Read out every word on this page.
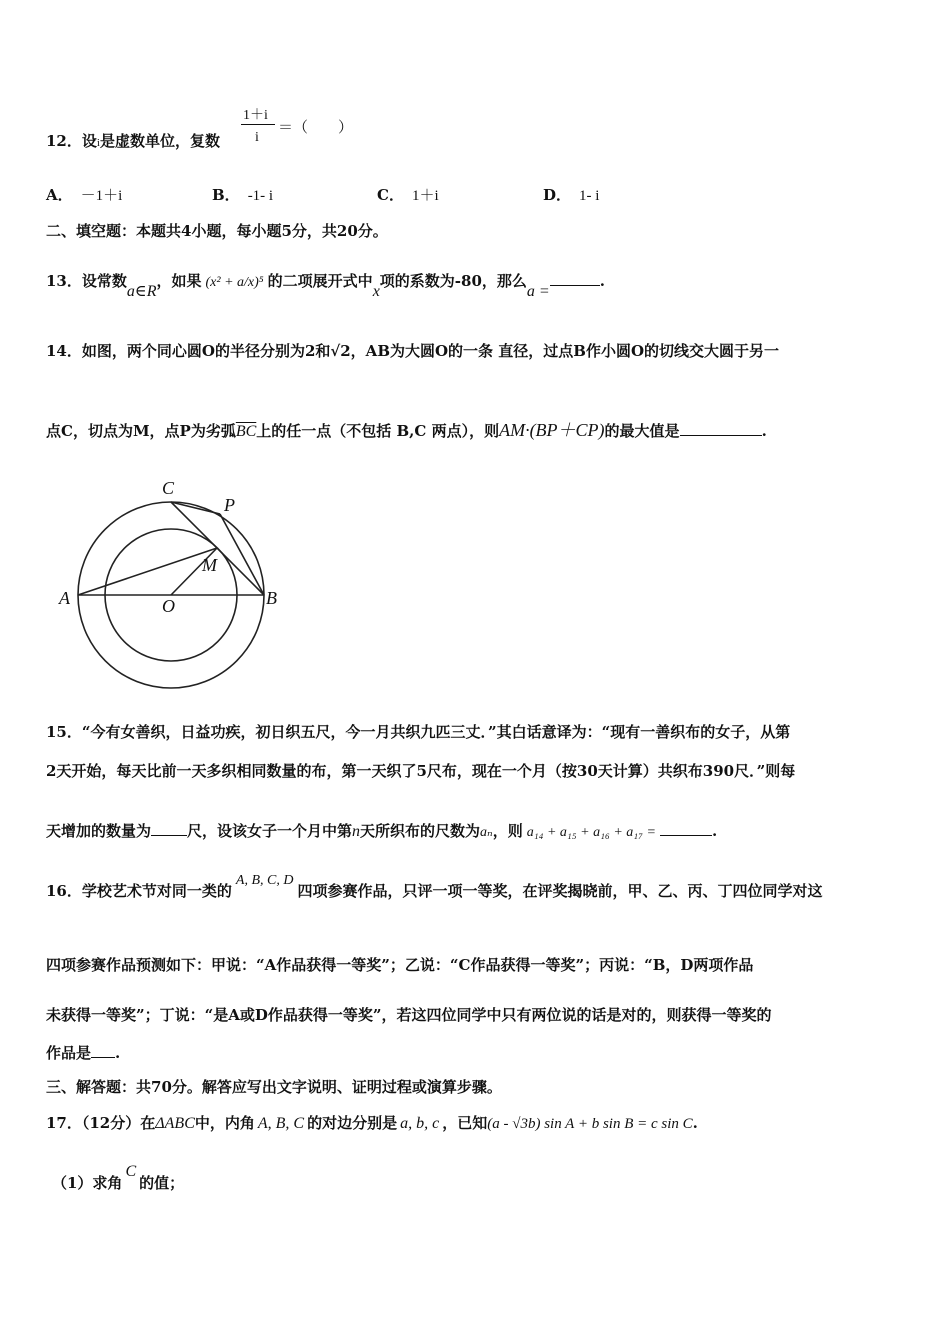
12．设i是虚数单位，复数
1＋i
i
＝（　　）
A． －1＋i	B． -1- i	C． 1＋i	D． 1- i
二、填空题：本题共4小题，每小题5分，共20分。
13．设常数a∈R，如果 (x² + a/x)⁵ 的二项展开式中x项的系数为-80，那么a =.
14．如图，两个同心圆O的半径分别为2和√2，AB为大圆O的一条 直径，过点B作小圆O的切线交大圆于另一
点C，切点为M，点P为劣弧$\overline{BC}$上的任一点（不包括 B,C 两点），则AM·(BP＋CP)的最大值是	.
A	B
C
P
M
O
15．“今有女善织，日益功疾，初日织五尺，今一月共织九匹三丈．”其白话意译为：“现有一善织布的女子，从第
2天开始，每天比前一天多织相同数量的布，第一天织了5尺布，现在一个月（按30天计算）共织布390尺．”则每
天增加的数量为 尺，设该女子一个月中第n天所织布的尺数为aₙ，则 a₁₄ + a₁₅ + a₁₆ + a₁₇ =	.
16．学校艺术节对同一类的A, B, C, D四项参赛作品，只评一项一等奖，在评奖揭晓前，甲、乙、丙、丁四位同学对这
四项参赛作品预测如下：甲说：“A作品获得一等奖”；乙说：“C作品获得一等奖”；丙说：“B，D两项作品
未获得一等奖”；丁说：“是A或D作品获得一等奖”，若这四位同学中只有两位说的话是对的，则获得一等奖的
作品是 .
三、解答题：共70分。解答应写出文字说明、证明过程或演算步骤。
17．（12分）在ΔABC中，内角 A, B, C 的对边分别是 a, b, c ，已知(a - √3b) sin A + b sin B = c sin C.
（1）求角C的值；
